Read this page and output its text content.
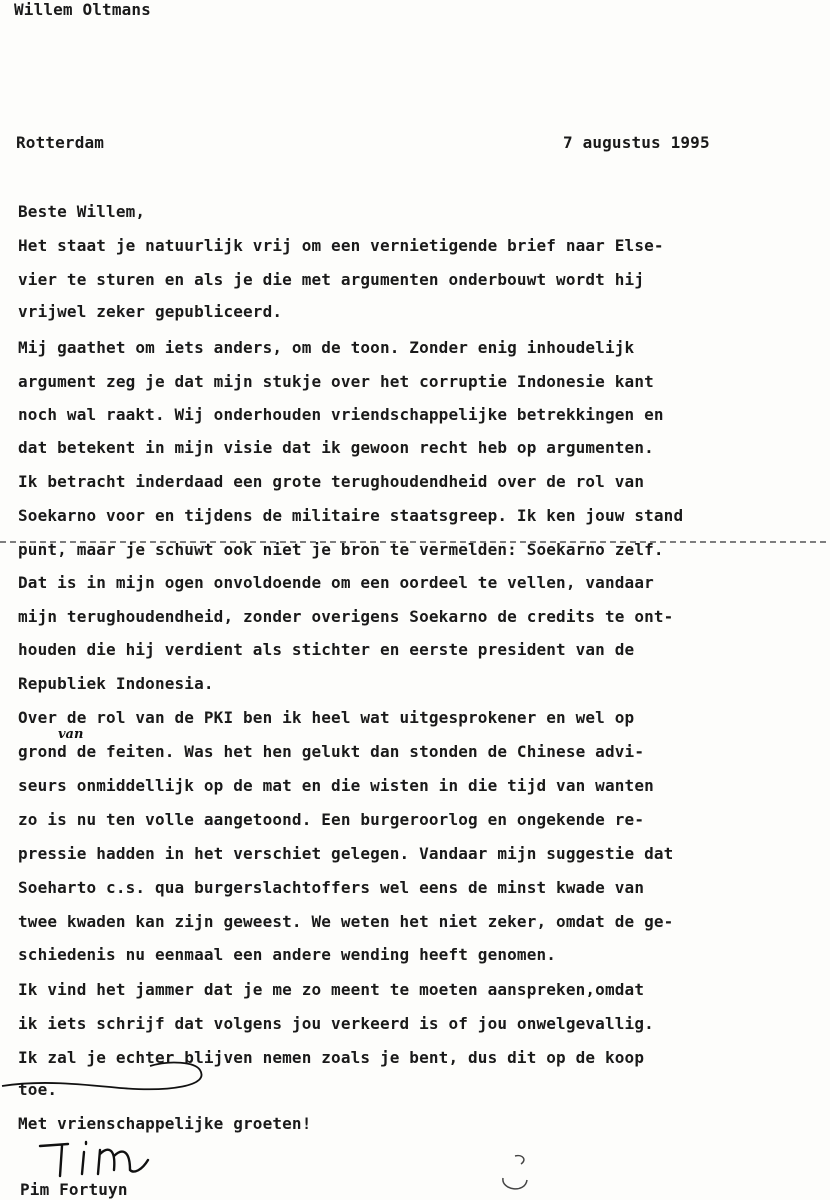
Willem Oltmans
Rotterdam	7 augustus 1995
Beste Willem,
Het staat je natuurlijk vrij om een vernietigende brief naar Else-
vier te sturen en als je die met argumenten onderbouwt wordt hij
vrijwel zeker gepubliceerd.
Mij gaathet om iets anders, om de toon. Zonder enig inhoudelijk
argument zeg je dat mijn stukje over het corruptie Indonesie kant
noch wal raakt. Wij onderhouden vriendschappelijke betrekkingen en
dat betekent in mijn visie dat ik gewoon recht heb op argumenten.
Ik betracht inderdaad een grote terughoudendheid over de rol van
Soekarno voor en tijdens de militaire staatsgreep. Ik ken jouw stand
punt, maar je schuwt ook niet je bron te vermelden: Soekarno zelf.
Dat is in mijn ogen onvoldoende om een oordeel te vellen, vandaar
mijn terughoudendheid, zonder overigens Soekarno de credits te ont-
houden die hij verdient als stichter en eerste president van de
Republiek Indonesia.
Over de rol van de PKI ben ik heel wat uitgesprokener en wel op
grond de feiten. Was het hen gelukt dan stonden de Chinese advi-
seurs onmiddellijk op de mat en die wisten in die tijd van wanten
zo is nu ten volle aangetoond. Een burgeroorlog en ongekende re-
pressie hadden in het verschiet gelegen. Vandaar mijn suggestie dat
Soeharto c.s. qua burgerslachtoffers wel eens de minst kwade van
twee kwaden kan zijn geweest. We weten het niet zeker, omdat de ge-
schiedenis nu eenmaal een andere wending heeft genomen.
Ik vind het jammer dat je me zo meent te moeten aanspreken,omdat
ik iets schrijf dat volgens jou verkeerd is of jou onwelgevallig.
Ik zal je echter blijven nemen zoals je bent, dus dit op de koop
toe.
van
Met vrienschappelijke groeten!
Pim Fortuyn
